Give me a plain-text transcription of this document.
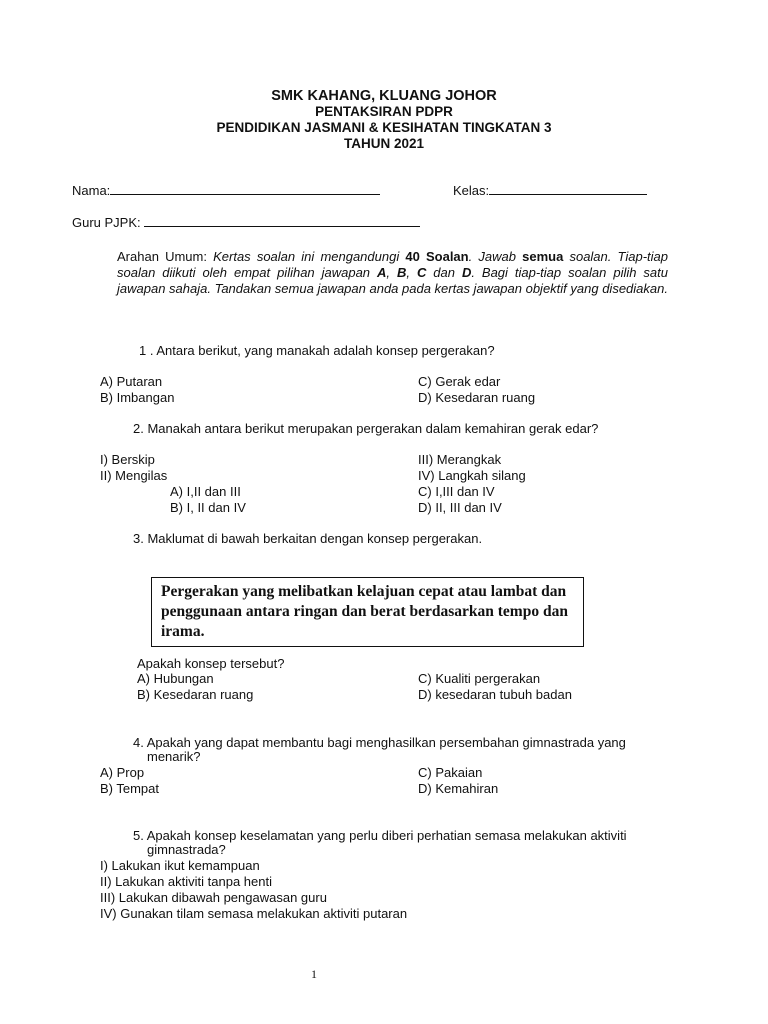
SMK KAHANG, KLUANG JOHOR
PENTAKSIRAN PDPR
PENDIDIKAN JASMANI & KESIHATAN TINGKATAN 3
TAHUN 2021
Nama:	Kelas:
Guru PJPK:
Arahan Umum: Kertas soalan ini mengandungi 40 Soalan. Jawab semua soalan. Tiap-tiap soalan diikuti oleh empat pilihan jawapan A, B, C dan D. Bagi tiap-tiap soalan pilih satu jawapan sahaja. Tandakan semua jawapan anda pada kertas jawapan objektif yang disediakan.
1 . Antara berikut, yang manakah adalah konsep pergerakan?
A) Putaran
B) Imbangan
C) Gerak edar
D) Kesedaran ruang
2. Manakah antara berikut merupakan pergerakan dalam kemahiran gerak edar?
I) Berskip
II) Mengilas
III) Merangkak
IV) Langkah silang
A) I,II dan III
B) I, II dan IV
C) I,III dan IV
D) II, III dan IV
3. Maklumat di bawah berkaitan dengan konsep pergerakan.
Pergerakan yang melibatkan kelajuan cepat atau lambat dan penggunaan antara ringan dan berat berdasarkan tempo dan irama.
Apakah konsep tersebut?
A) Hubungan
B) Kesedaran ruang
C) Kualiti pergerakan
D) kesedaran tubuh badan
4. Apakah yang dapat membantu bagi menghasilkan persembahan gimnastrada yang
menarik?
A) Prop
B) Tempat
C) Pakaian
D) Kemahiran
5. Apakah konsep keselamatan yang perlu diberi perhatian semasa melakukan aktiviti
gimnastrada?
I) Lakukan ikut kemampuan
II) Lakukan aktiviti tanpa henti
III) Lakukan dibawah pengawasan guru
IV) Gunakan tilam semasa melakukan aktiviti putaran
1
